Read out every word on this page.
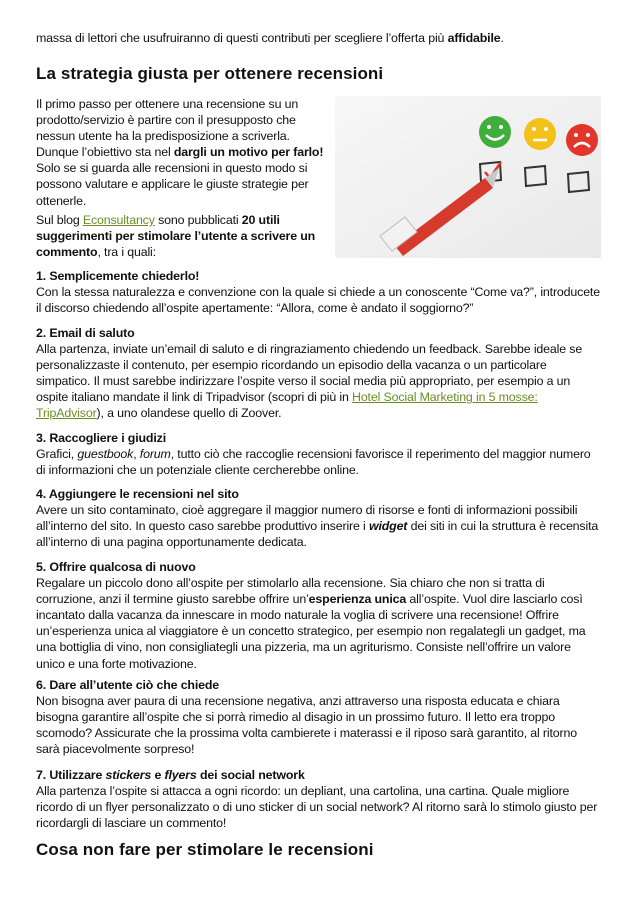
massa di lettori che usufruiranno di questi contributi per scegliere l’offerta più affidabile.
La strategia giusta per ottenere recensioni
Il primo passo per ottenere una recensione su un prodotto/servizio è partire con il presupposto che nessun utente ha la predisposizione a scriverla. Dunque l’obiettivo sta nel dargli un motivo per farlo! Solo se si guarda alle recensioni in questo modo si possono valutare e applicare le giuste strategie per ottenerle.
Sul blog Econsultancy sono pubblicati 20 utili suggerimenti per stimolare l’utente a scrivere un commento, tra i quali:
1. Semplicemente chiederlo!
Con la stessa naturalezza e convenzione con la quale si chiede a un conoscente “Come va?”, introducete il discorso chiedendo all’ospite apertamente: “Allora, come è andato il soggiorno?”
2. Email di saluto
Alla partenza, inviate un’email di saluto e di ringraziamento chiedendo un feedback. Sarebbe ideale se personalizzaste il contenuto, per esempio ricordando un episodio della vacanza o un particolare simpatico. Il must sarebbe indirizzare l’ospite verso il social media più appropriato, per esempio a un ospite italiano mandate il link di Tripadvisor (scopri di più in Hotel Social Marketing in 5 mosse: TripAdvisor), a uno olandese quello di Zoover.
3. Raccogliere i giudizi
Grafici, guestbook, forum, tutto ciò che raccoglie recensioni favorisce il reperimento del maggior numero di informazioni che un potenziale cliente cercherebbe online.
4. Aggiungere le recensioni nel sito
Avere un sito contaminato, cioè aggregare il maggior numero di risorse e fonti di informazioni possibili all’interno del sito. In questo caso sarebbe produttivo inserire i widget dei siti in cui la struttura è recensita all’interno di una pagina opportunamente dedicata.
5. Offrire qualcosa di nuovo
Regalare un piccolo dono all’ospite per stimolarlo alla recensione. Sia chiaro che non si tratta di corruzione, anzi il termine giusto sarebbe offrire un’esperienza unica all’ospite. Vuol dire lasciarlo così incantato dalla vacanza da innescare in modo naturale la voglia di scrivere una recensione! Offrire un’esperienza unica al viaggiatore è un concetto strategico, per esempio non regalategli un gadget, ma una bottiglia di vino, non consigliategli una pizzeria, ma un agriturismo. Consiste nell’offrire un valore unico e una forte motivazione.
6. Dare all’utente ciò che chiede
Non bisogna aver paura di una recensione negativa, anzi attraverso una risposta educata e chiara bisogna garantire all’ospite che si porrà rimedio al disagio in un prossimo futuro. Il letto era troppo scomodo? Assicurate che la prossima volta cambierete i materassi e il riposo sarà garantito, al ritorno sarà piacevolmente sorpreso!
7. Utilizzare stickers e flyers dei social network
Alla partenza l’ospite si attacca a ogni ricordo: un depliant, una cartolina, una cartina. Quale migliore ricordo di un flyer personalizzato o di uno sticker di un social network? Al ritorno sarà lo stimolo giusto per ricordargli di lasciare un commento!
Cosa non fare per stimolare le recensioni
